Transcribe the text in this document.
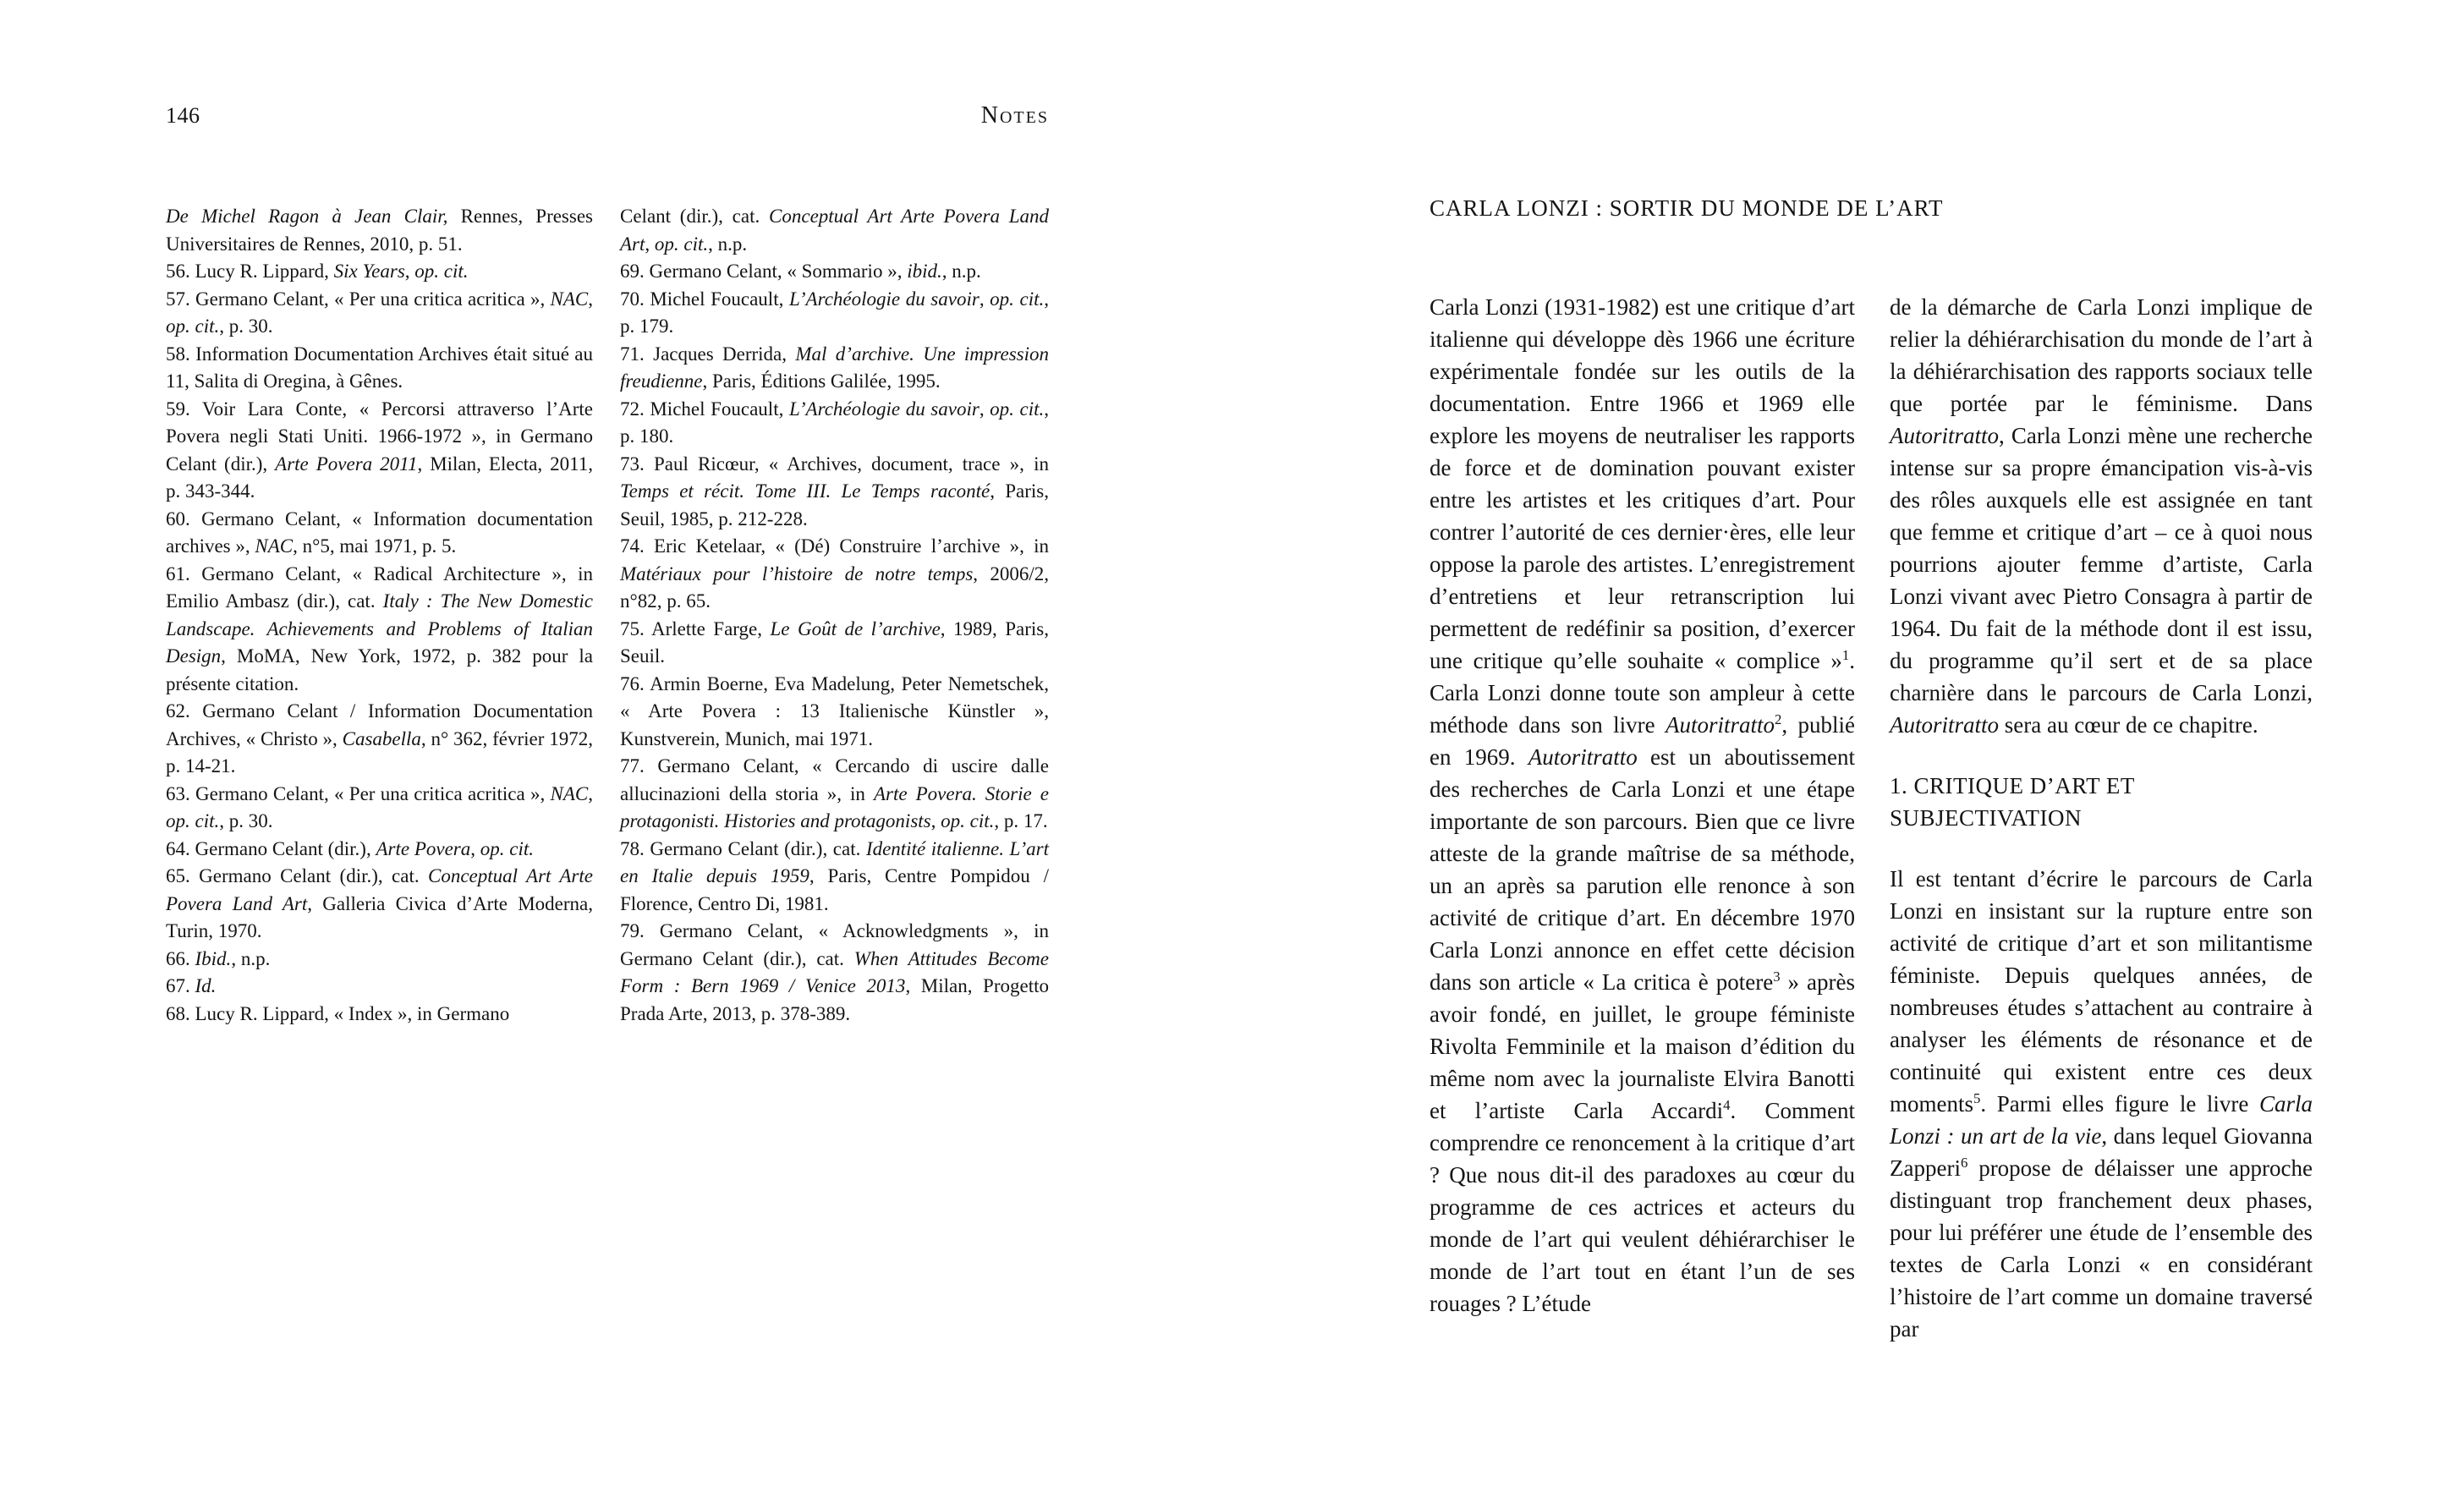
146	Notes

De Michel Ragon à Jean Clair, Rennes, Presses Universitaires de Rennes, 2010, p. 51.

56. Lucy R. Lippard, Six Years, op. cit.

57. Germano Celant, « Per una critica acritica », NAC, op. cit., p. 30.

58. Information Documentation Archives était situé au 11, Salita di Oregina, à Gênes.

59. Voir Lara Conte, « Percorsi attraverso l’Arte Povera negli Stati Uniti. 1966-1972 », in Germano Celant (dir.), Arte Povera 2011, Milan, Electa, 2011, p. 343-344.

60. Germano Celant, « Information documentation archives », NAC, n°5, mai 1971, p. 5.

61. Germano Celant, « Radical Architecture », in Emilio Ambasz (dir.), cat. Italy : The New Domestic Landscape. Achievements and Problems of Italian Design, MoMA, New York, 1972, p. 382 pour la présente citation.

62. Germano Celant / Information Documentation Archives, « Christo », Casabella, n° 362, février 1972, p. 14-21.

63. Germano Celant, « Per una critica acritica », NAC, op. cit., p. 30.

64. Germano Celant (dir.), Arte Povera, op. cit.

65. Germano Celant (dir.), cat. Conceptual Art Arte Povera Land Art, Galleria Civica d’Arte Moderna, Turin, 1970.

66. Ibid., n.p.

67. Id.

68. Lucy R. Lippard, « Index », in Germano

Celant (dir.), cat. Conceptual Art Arte Povera Land Art, op. cit., n.p.

69. Germano Celant, « Sommario », ibid., n.p.

70. Michel Foucault, L’Archéologie du savoir, op. cit., p. 179.

71. Jacques Derrida, Mal d’archive. Une impression freudienne, Paris, Éditions Galilée, 1995.

72. Michel Foucault, L’Archéologie du savoir, op. cit., p. 180.

73. Paul Ricœur, « Archives, document, trace », in Temps et récit. Tome III. Le Temps raconté, Paris, Seuil, 1985, p. 212-228.

74. Eric Ketelaar, « (Dé) Construire l’archive », in Matériaux pour l’histoire de notre temps, 2006/2, n°82, p. 65.

75. Arlette Farge, Le Goût de l’archive, 1989, Paris, Seuil.

76. Armin Boerne, Eva Madelung, Peter Nemetschek, « Arte Povera : 13 Italienische Künstler », Kunstverein, Munich, mai 1971.

77. Germano Celant, « Cercando di uscire dalle allucinazioni della storia », in Arte Povera. Storie e protagonisti. Histories and protagonists, op. cit., p. 17.

78. Germano Celant (dir.), cat. Identité italienne. L’art en Italie depuis 1959, Paris, Centre Pompidou / Florence, Centro Di, 1981.

79. Germano Celant, « Acknowledgments », in Germano Celant (dir.), cat. When Attitudes Become Form : Bern 1969 / Venice 2013, Milan, Progetto Prada Arte, 2013, p. 378-389.

CARLA LONZI : SORTIR DU MONDE DE L’ART

Carla Lonzi (1931-1982) est une critique d’art italienne qui développe dès 1966 une écriture expérimentale fondée sur les outils de la documentation. Entre 1966 et 1969 elle explore les moyens de neutraliser les rapports de force et de domination pouvant exister entre les artistes et les critiques d’art. Pour contrer l’autorité de ces dernier·ères, elle leur oppose la parole des artistes. L’enregistrement d’entretiens et leur retranscription lui permettent de redéfinir sa position, d’exercer une critique qu’elle souhaite « complice »$^1$. Carla Lonzi donne toute son ampleur à cette méthode dans son livre Autoritratto$^2$, publié en 1969. Autoritratto est un aboutissement des recherches de Carla Lonzi et une étape importante de son parcours. Bien que ce livre atteste de la grande maîtrise de sa méthode, un an après sa parution elle renonce à son activité de critique d’art. En décembre 1970 Carla Lonzi annonce en effet cette décision dans son article « La critica è potere$^3$ » après avoir fondé, en juillet, le groupe féministe Rivolta Femminile et la maison d’édition du même nom avec la journaliste Elvira Banotti et l’artiste Carla Accardi$^4$. Comment comprendre ce renoncement à la critique d’art ? Que nous dit-il des paradoxes au cœur du programme de ces actrices et acteurs du monde de l’art qui veulent déhiérarchiser le monde de l’art tout en étant l’un de ses rouages ? L’étude

de la démarche de Carla Lonzi implique de relier la déhiérarchisation du monde de l’art à la déhiérarchisation des rapports sociaux telle que portée par le féminisme. Dans Autoritratto, Carla Lonzi mène une recherche intense sur sa propre émancipation vis-à-vis des rôles auxquels elle est assignée en tant que femme et critique d’art – ce à quoi nous pourrions ajouter femme d’artiste, Carla Lonzi vivant avec Pietro Consagra à partir de 1964. Du fait de la méthode dont il est issu, du programme qu’il sert et de sa place charnière dans le parcours de Carla Lonzi, Autoritratto sera au cœur de ce chapitre.

1. CRITIQUE D’ART ET SUBJECTIVATION

Il est tentant d’écrire le parcours de Carla Lonzi en insistant sur la rupture entre son activité de critique d’art et son militantisme féministe. Depuis quelques années, de nombreuses études s’attachent au contraire à analyser les éléments de résonance et de continuité qui existent entre ces deux moments$^5$. Parmi elles figure le livre Carla Lonzi : un art de la vie, dans lequel Giovanna Zapperi$^6$ propose de délaisser une approche distinguant trop franchement deux phases, pour lui préférer une étude de l’ensemble des textes de Carla Lonzi « en considérant l’histoire de l’art comme un domaine traversé par
